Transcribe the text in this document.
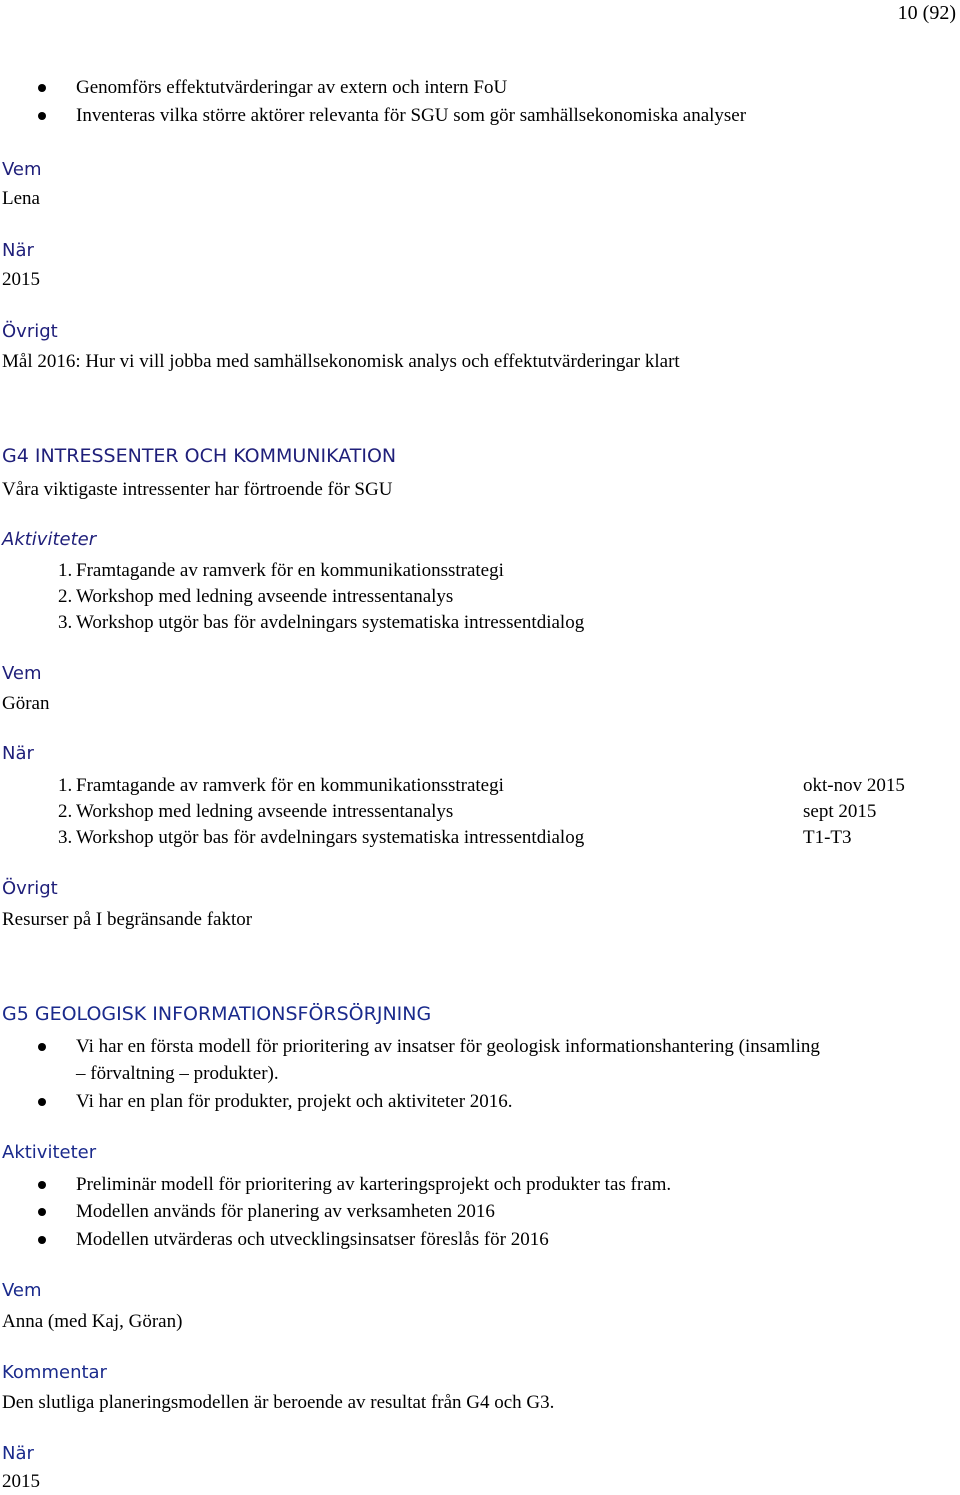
10 (92)
Genomförs effektutvärderingar av extern och intern FoU
Inventeras vilka större aktörer relevanta för SGU som gör samhällsekonomiska analyser
Vem
Lena
När
2015
Övrigt
Mål 2016: Hur vi vill jobba med samhällsekonomisk analys och effektutvärderingar klart
G4 INTRESSENTER OCH KOMMUNIKATION
Våra viktigaste intressenter har förtroende för SGU
Aktiviteter
1. Framtagande av ramverk för en kommunikationsstrategi
2. Workshop med ledning avseende intressentanalys
3. Workshop utgör bas för avdelningars systematiska intressentdialog
Vem
Göran
När
1. Framtagande av ramverk för en kommunikationsstrategi	okt-nov 2015
2. Workshop med ledning avseende intressentanalys	sept 2015
3. Workshop utgör bas för avdelningars systematiska intressentdialog	T1-T3
Övrigt
Resurser på I begränsande faktor
G5 GEOLOGISK INFORMATIONSFÖRSÖRJNING
Vi har en första modell för prioritering av insatser för geologisk informationshantering (insamling
– förvaltning – produkter).
Vi har en plan för produkter, projekt och aktiviteter 2016.
Aktiviteter
Preliminär modell för prioritering av karteringsprojekt och produkter tas fram.
Modellen används för planering av verksamheten 2016
Modellen utvärderas och utvecklingsinsatser föreslås för 2016
Vem
Anna (med Kaj, Göran)
Kommentar
Den slutliga planeringsmodellen är beroende av resultat från G4 och G3.
När
2015
